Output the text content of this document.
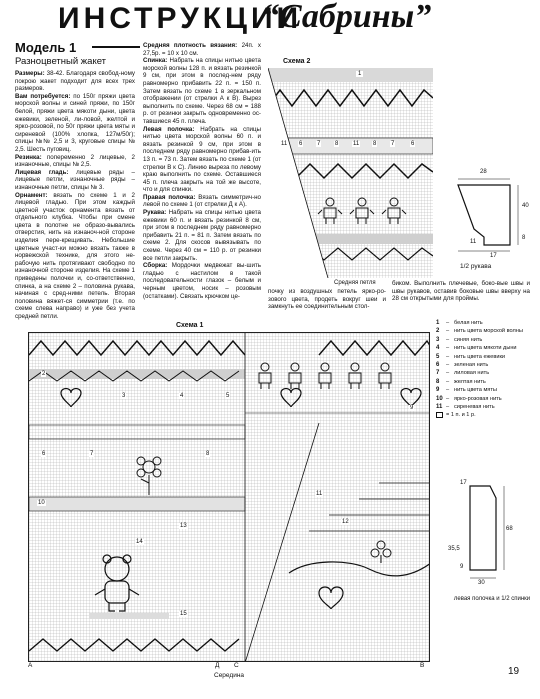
ИНСТРУКЦИИ
“Сабрины”
Модель 1
Разноцветный жакет

Размеры: 38-42. Благодаря свобод-ному покрою жакет подходит для всех трех размеров.

Вам потребуется: по 150г пряжи цвета морской волны и синей пряжи, по 150г белой, пряжи цвета мякоти дыни, цвета ежевики, зеленой, ли-ловой, желтой и ярко-розовой, по 50г пряжи цвета мяты и сиреневой (100% хлопка, 127м/50г); спицы №№ 2,5 и 3, круговые спицы № 2,5. Шесть пуговиц.

Резинка: попеременно 2 лицевые, 2 изнаночные, спицы № 2,5.

Лицевая гладь: лицевые ряды – лицевые петли, изнаночные ряды – изнаночные петли, спицы № 3.

Орнамент: вязать по схеме 1 и 2 лицевой гладью. При этом каждый цветной участок орнамента вязать от отдельного клубка. Чтобы при смене цвета в полотне не образо-вывались отверстия, нить на изнаноч-ной стороне изделия пере-крещивать. Небольшие цветные участ-ки можно вязать также в норвежской технике, для этого не-рабочую нить протягивают свободно по изнаночной стороне изделия. На схеме 1 приведены полочки и, со-ответственно, спинка, а на схеме 2 – половина рукава, начиная с сред-ними петель. Вторая половина вяжет-ся симметрии (т.е. по схеме слева направо) и уже без учета средней петли.

Средняя плотность вязания: 24п. x 27,5р. = 10 x 10 см.

Спинка: Набрать на спицы нитью цвета морской волны 128 п. и вязать резинкой 9 см, при этом в послед-нем ряду равномерно прибавить 22 п. = 150 п. Затем вязать по схеме 1 в зеркальном отображении (от стрелки А к В). Вырез выполнить по схеме. Через 68 см = 188 р. от резинки закрыть одновременно ос-тавшиеся 45 п. плеча.

Левая полочка: Набрать на спицы нитью цвета морской волны 60 п. и вязать резинкой 9 см, при этом в последнем ряду равномерно прибав-ить 13 п. = 73 п. Затем вязать по схеме 1 (от стрелки В к С). Линию выреза по левому краю выполнить по схеме. Оставшиеся 45 п. плеча закрыть на той же высоте, что и для спинки.

Правая полочка: Вязать симметрич-но левой по схеме 1 (от стрелки Д к А).

Рукава: Набрать на спицы нитью цвета ежевики 60 п. и вязать резинкой 8 см, при этом в последнем ряду равномерно прибавить 21 п. = 81 п. Затем вязать по схеме 2. Для скосов вывязывать по схеме. Через 40 см = 110 р. от резинки все петли закрыть.

Сборка: Мордочки медвежат вы-шить гладью с настилом в такой последовательности глазок – белым и черным цветом, носик – розовым (остатками). Связать крючком це-

Схема 2
1
11 6 7 8 11 8 7	6
Средняя петля
почку из воздушных петель ярко-ро-зового цвета, продеть вокруг шеи и замкнуть ее соединительным стол-
биком. Выполнить плечевые, боко-вые швы и швы рукавов, оставив боковые швы вверху на 28 см открытыми для проймы.
28
40
8
11
17
1/2 рукава
Схема 1
2
3	4	5
6	7	8
9
10
11
12
13
14
15
А	Д С	В
Середина
1	– белая нить
2	– нить цвета морской волны
3	– синяя нить
4	– нить цвета мякоти дыни
5	– нить цвета ежевики
6	– зеленая нить
7	– лиловая нить
8	– желтая нить
9	– нить цвета мяты
10 – ярко-розовая нить
11 – сиреневая нить
= 1 п. и 1 р.
17
68
35,5
9
30
левая полочка и 1/2 спинки
19
